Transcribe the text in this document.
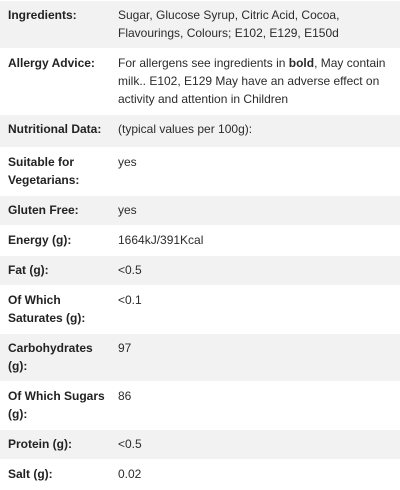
Ingredients:	Sugar, Glucose Syrup, Citric Acid, Cocoa, Flavourings, Colours; E102, E129, E150d
Allergy Advice:	For allergens see ingredients in bold, May contain milk.. E102, E129 May have an adverse effect on activity and attention in Children
Nutritional Data:	(typical values per 100g):
Suitable for Vegetarians:	yes
Gluten Free:	yes
Energy (g):	1664kJ/391Kcal
Fat (g):	<0.5
Of Which Saturates (g):	<0.1
Carbohydrates (g):	97
Of Which Sugars (g):	86
Protein (g):	<0.5
Salt (g):	0.02
